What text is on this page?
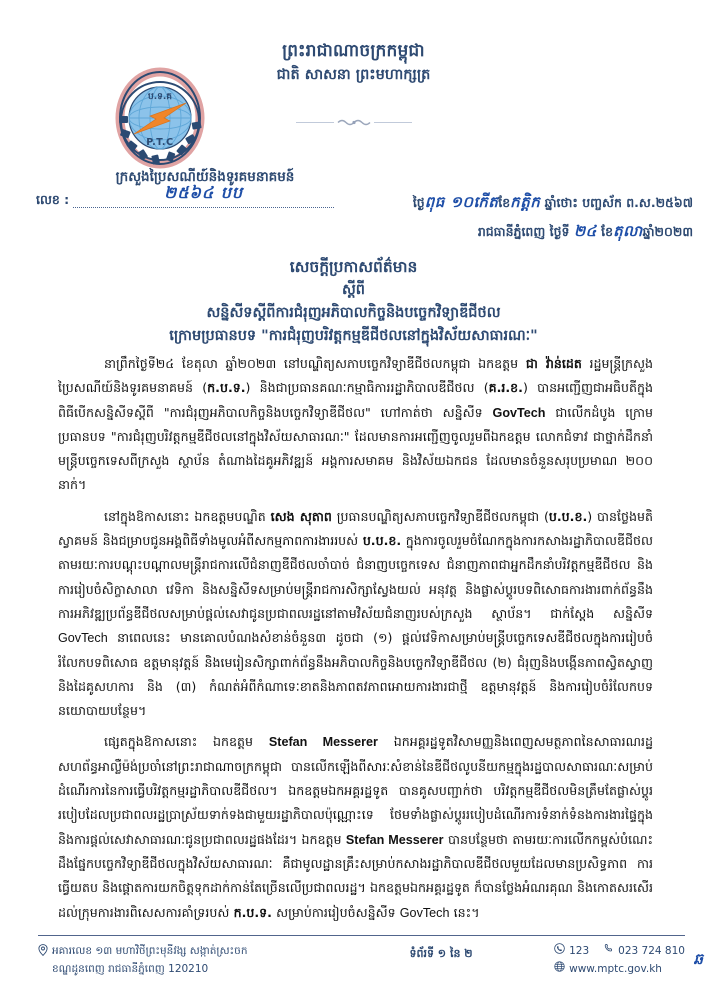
ព្រះរាជាណាចក្រកម្ពុជា
ជាតិ សាសនា ព្រះមហាក្សត្រ
ប.ទ.គ
P.T.C
ក្រសួងប្រៃសណីយ៍និងទូរគមនាគមន៍
លេខ :	២៥៦៤ បប
ថ្ងៃពុធ ១០កើតខែកត្តិក ឆ្នាំថោះ បញ្ចស័ក ព.ស.២៥៦៧
រាជធានីភ្នំពេញ ថ្ងៃទី ២៤ ខែតុលាឆ្នាំ២០២៣
សេចក្តីប្រកាសព័ត៌មាន
ស្តីពី
សន្និសីទស្តីពីការជំរុញអភិបាលកិច្ចនិងបច្ចេកវិទ្យាឌីជីថល
ក្រោមប្រធានបទ "ការជំរុញបរិវត្តកម្មឌីជីថលនៅក្នុងវិស័យសាធារណៈ"

នាព្រឹកថ្ងៃទី២៤ ខែតុលា ឆ្នាំ២០២៣ នៅបណ្ឌិត្យសភាបច្ចេកវិទ្យាឌីជីថលកម្ពុជា ឯកឧត្តម ជា វ៉ាន់ដេត រដ្ឋមន្ត្រីក្រសួងប្រៃសណីយ៍និងទូរគមនាគមន៍ (ក.ប.ទ.) និងជាប្រធានគណៈកម្មាធិការរដ្ឋាភិបាលឌីជីថល (គ.រ.ខ.) បានអញ្ជើញជាអធិបតីក្នុងពិធីបើកសន្និសីទស្តីពី "ការជំរុញអភិបាលកិច្ចនិងបច្ចេកវិទ្យាឌីជីថល" ហៅកាត់ថា សន្និសីទ GovTech ជាលើកដំបូង ក្រោមប្រធានបទ "ការជំរុញបរិវត្តកម្មឌីជីថលនៅក្នុងវិស័យសាធារណៈ" ដែលមានការអញ្ជើញចូលរួមពីឯកឧត្តម លោកជំទាវ ជាថ្នាក់ដឹកនាំ មន្ត្រីបច្ចេកទេសពីក្រសួង ស្ថាប័ន តំណាងដៃគូអភិវឌ្ឍន៍ អង្គការសមាគម និងវិស័យឯកជន ដែលមានចំនួនសរុបប្រមាណ ២០០ នាក់។

នៅក្នុងឱកាសនោះ ឯកឧត្តមបណ្ឌិត សេង សុតាព ប្រធានបណ្ឌិត្យសភាបច្ចេកវិទ្យាឌីជីថលកម្ពុជា (ប.ប.ខ.) បានថ្លែងមតិស្វាគមន៍ និងជម្រាបជូនអង្គពិធីទាំងមូលអំពីសកម្មភាពការងាររបស់ ប.ប.ខ. ក្នុងការចូលរួមចំណែកក្នុងការកសាងរដ្ឋាភិបាលឌីជីថល តាមរយៈការបណ្តុះបណ្តាលមន្ត្រីរាជការលើជំនាញឌីជីថលចាំបាច់ ជំនាញបច្ចេកទេស ជំនាញភាពជាអ្នកដឹកនាំបរិវត្តកម្មឌីជីថល និងការរៀបចំសិក្ខាសាលា វេទិកា និងសន្និសីទសម្រាប់មន្ត្រីរាជការសិក្សាស្វែងយល់ អនុវត្ត និងផ្លាស់ប្តូរបទពិសោធការងារពាក់ព័ន្ធនឹងការអភិវឌ្ឍប្រព័ន្ធឌីជីថលសម្រាប់ផ្តល់សេវាជូនប្រជាពលរដ្ឋនៅតាមវិស័យជំនាញរបស់ក្រសួង ស្ថាប័ន។ ជាក់ស្តែង សន្និសីទ GovTech នាពេលនេះ មានគោលបំណងសំខាន់ចំនួន៣ ដូចជា (១) ផ្តល់វេទិកាសម្រាប់មន្ត្រីបច្ចេកទេសឌីជីថលក្នុងការរៀបចំរំលែកបទពិសោធ ឧត្តមានុវត្តន៍ និងមេរៀនសិក្សាពាក់ព័ន្ធនឹងអភិបាលកិច្ចនិងបច្ចេកវិទ្យាឌីជីថល (២) ជំរុញនិងបង្កើនភាពស្វិតស្វាញនិងដៃគូសហការ និង (៣) កំណត់អំពីកំណាទេៈខាតនិងភាពតវភាពអោយការងារជាថ្មី ឧត្តមានុវត្តន៍ និងការរៀបចំរំលែកបទនយោបាយបន្ថែម។

ផ្សេតក្នុងឱកាសនោះ ឯកឧត្តម Stefan Messerer ឯកអគ្គរដ្ឋទូតវិសាមញ្ញនិងពេញសមត្ថភាពនៃសាធារណរដ្ឋសហព័ន្ធអាល្លឺម៉ង់ប្រចាំនៅព្រះរាជាណាចក្រកម្ពុជា បានលើកឡើងពីសារៈសំខាន់នៃឌីជីថលូបនីយកម្មក្នុងរដ្ឋបាលសាធារណៈសម្រាប់ដំណើរការនៃការធ្វើបរិវត្តកម្មរដ្ឋាភិបាលឌីជីថល។ ឯកឧត្តមឯកអគ្គរដ្ឋទូត បានគូសបញ្ជាក់ថា បរិវត្តកម្មឌីជីថលមិនត្រឹមតែផ្លាស់ប្តូររបៀបដែលប្រជាពលរដ្ឋប្រាស្រ័យទាក់ទងជាមួយរដ្ឋាភិបាលប៉ុណ្ណោះទេ ថែមទាំងផ្លាស់ប្តូររបៀបដំណើរការទំនាក់ទំនងការងារផ្ទៃក្នុង និងការផ្តល់សេវាសាធារណៈជូនប្រជាពលរដ្ឋផងដែរ។ ឯកឧត្តម Stefan Messerer បានបន្ថែមថា តាមរយៈការលើកកម្ពស់បំណេះដឹងផ្នែកបច្ចេកវិទ្យាឌីជីថលក្នុងវិស័យសាធារណៈ គឺជាមូលដ្ឋានគ្រឹះសម្រាប់កសាងរដ្ឋាភិបាលឌីជីថលមួយដែលមានប្រសិទ្ធភាព ការធ្វើយតប និងផ្តោតការយកចិត្តទុកដាក់កាន់តែច្រើនលើប្រជាពលរដ្ឋ។ ឯកឧត្តមឯកអគ្គរដ្ឋទូត ក៏បានថ្លែងអំណរគុណ និងកោតសរសើរដល់ក្រុមការងារពិសេសការគាំទ្ររបស់ ក.ប.ទ. សម្រាប់ការរៀបចំសន្និសីទ GovTech នេះ។

អគារលេខ ១៣ មហាវិថីព្រះមុនីវង្ស សង្កាត់ស្រះចក
ខណ្ឌដូនពេញ រាជធានីភ្នំពេញ 120210
ទំព័រទី ១ នៃ ២	123	023 724 810
www.mptc.gov.kh
ឆ
